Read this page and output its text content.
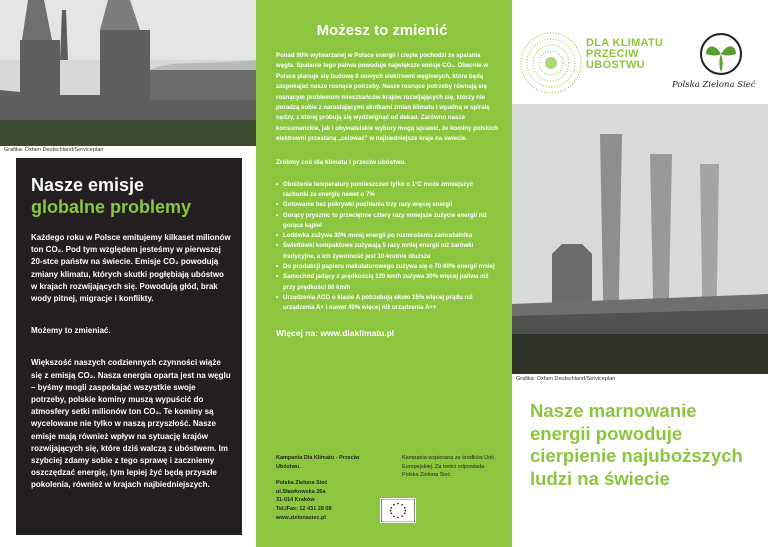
Grafika: Oxfam Deutschland/Serviceplan
Nasze emisje
globalne problemy

Każdego roku w Polsce emitujemy kilkaset milionów ton CO₂. Pod tym względem jesteśmy w pierwszej 20-stce państw na świecie. Emisje CO₂ powodują zmiany klimatu, których skutki pogłębiają ubóstwo w krajach rozwijających się. Powodują głód, brak wody pitnej, migracje i konflikty.

Możemy to zmieniać.

Większość naszych codziennych czynności wiąże się z emisją CO₂. Nasza energia oparta jest na węglu – byśmy mogli zaspokajać wszystkie swoje potrzeby, polskie kominy muszą wypuścić do atmosfery setki milionów ton CO₂. Te kominy są wycelowane nie tylko w naszą przyszłość. Nasze emisje mają również wpływ na sytuację krajów rozwijających się, które dziś walczą z ubóstwem. Im szybciej zdamy sobie z tego sprawę i zaczniemy oszczędzać energię, tym lepiej żyć będą przyszłe pokolenia, również w krajach najbiedniejszych.

Możesz to zmienić
Ponad 90% wytwarzanej w Polsce energii i ciepła pochodzi ze spalania węgla. Spalanie tego paliwa powoduje największe emisje CO₂. Obecnie w Polsce planuje się budowę 8 nowych elektrowni węglowych, które będą zaspokajać nasze rosnące potrzeby. Nasze rosnące potrzeby równają się rosnącym problemom mieszkańców krajów rozwijających się, którzy nie poradzą sobie z narastającymi skutkami zmian klimatu i wpadną w spiralę nędzy, z której próbują się wydźwignąć od dekad. Zarówno nasze konsumenckie, jak i obywatelskie wybory mogą sprawić, że kominy polskich elektrowni przestaną „celować" w najbiedniejsze kraje na świecie.
Zróbmy coś dla klimatu i przeciw ubóstwu.
• Obniżenie temperatury pomieszczeń tylko o 1°C może zmniejszyć rachunki za energię nawet o 7%
• Gotowanie bez pokrywki pochłania trzy razy więcej energii
• Gorący prysznic to przeciętnie cztery razy mniejsze zużycie energii niż gorąca kąpiel
• Lodówka zużywa 30% mniej energii po rozmrożeniu zamrażalnika
• Świetlówki kompaktowe zużywają 5 razy mniej energii niż żarówki tradycyjne, a ich żywotność jest 10-krotnie dłuższa
• Do produkcji papieru makulaturowego zużywa się o 70-90% energii mniej
• Samochód jadący z prędkością 120 km/h zużywa 30% więcej paliwa niż przy prędkości 80 km/h
• Urządzenia AGD o klasie A potrzebują około 15% więcej prądu niż urządzenia A+ i nawet 40% więcej niż urządzenia A++
Więcej na: www.dlaklimatu.pl
Kampania Dla Klimatu - Przeciw Ubóstwu.
Polska Zielona Sieć
ul.Sławkowska 26a
31-014 Kraków
Tel./Fax: 12 431 28 08
www.zielonasiec.pl
Kampania wspierana ze środków Unii Europejskiej. Za treści odpowiada Polska Zielona Sieć.
DLA KLIMATU PRZECIW UBÓSTWU
Polska Zielona Sieć
Grafika: Oxfam Deutschland/Serviceplan
Nasze marnowanie energii powoduje cierpienie najuboższych ludzi na świecie
